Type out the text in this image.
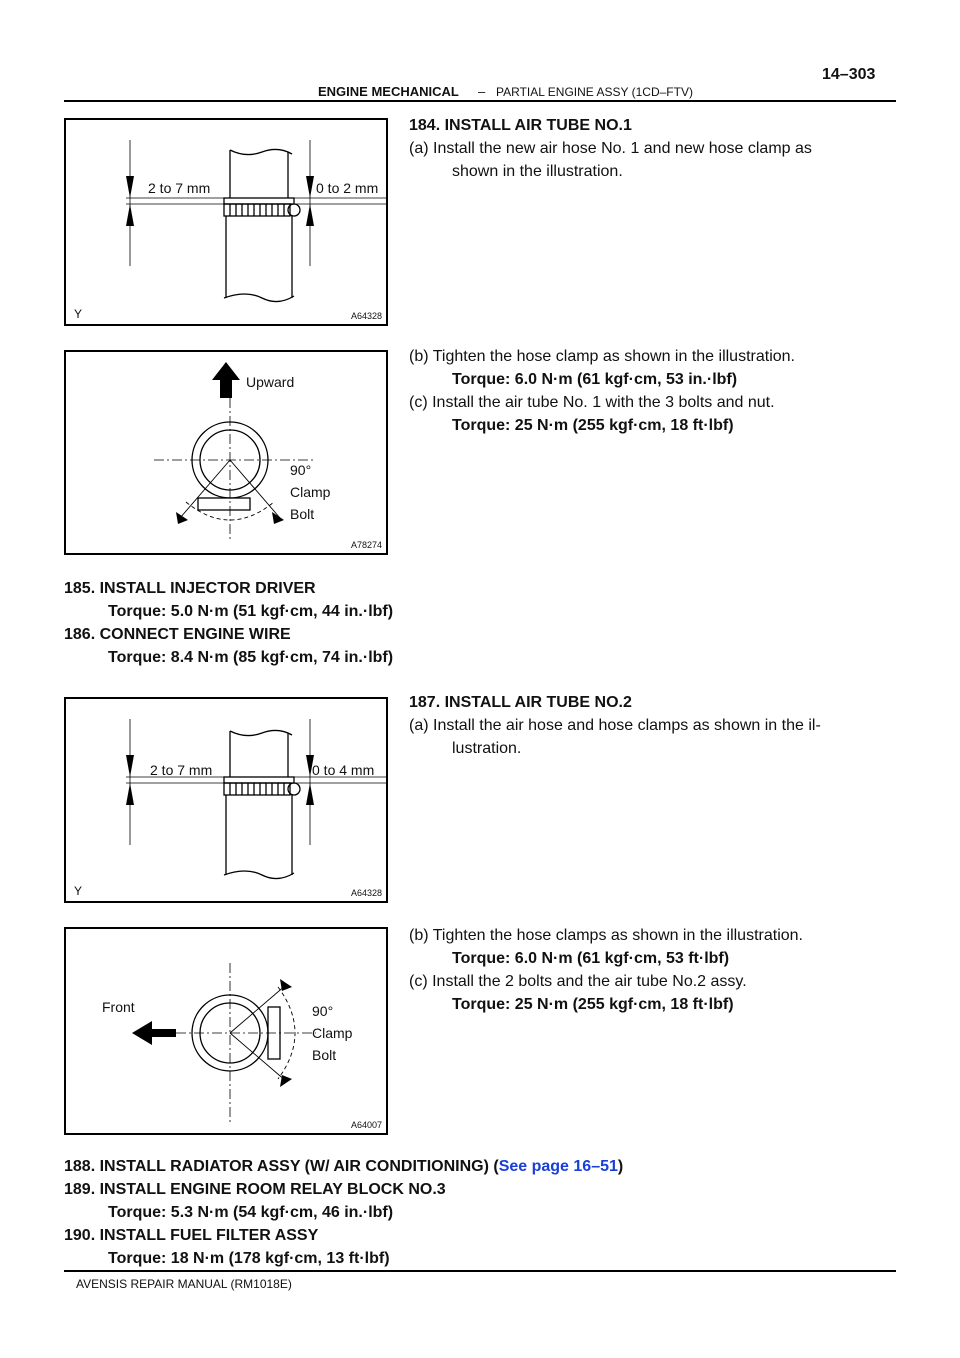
ENGINE MECHANICAL – PARTIAL ENGINE ASSY (1CD–FTV)
14–303
2 to 7 mm	0 to 2 mm
Y	A64328
Upward
90°
Clamp
Bolt
A78274
2 to 7 mm	0 to 4 mm
Y	A64328
Front	90°
Clamp
Bolt
A64007
184. INSTALL AIR TUBE NO.1
(a) Install the new air hose No. 1 and new hose clamp as
shown in the illustration.
(b) Tighten the hose clamp as shown in the illustration.
Torque: 6.0 N·m (61 kgf·cm, 53 in.·lbf)
(c) Install the air tube No. 1 with the 3 bolts and nut.
Torque: 25 N·m (255 kgf·cm, 18 ft·lbf)
185. INSTALL INJECTOR DRIVER
Torque: 5.0 N·m (51 kgf·cm, 44 in.·lbf)
186. CONNECT ENGINE WIRE
Torque: 8.4 N·m (85 kgf·cm, 74 in.·lbf)
187. INSTALL AIR TUBE NO.2
(a) Install the air hose and hose clamps as shown in the il-
lustration.
(b) Tighten the hose clamps as shown in the illustration.
Torque: 6.0 N·m (61 kgf·cm, 53 ft·lbf)
(c) Install the 2 bolts and the air tube No.2 assy.
Torque: 25 N·m (255 kgf·cm, 18 ft·lbf)
188. INSTALL RADIATOR ASSY (W/ AIR CONDITIONING) (See page 16–51)
189. INSTALL ENGINE ROOM RELAY BLOCK NO.3
Torque: 5.3 N·m (54 kgf·cm, 46 in.·lbf)
190. INSTALL FUEL FILTER ASSY
Torque: 18 N·m (178 kgf·cm, 13 ft·lbf)
AVENSIS REPAIR MANUAL (RM1018E)
